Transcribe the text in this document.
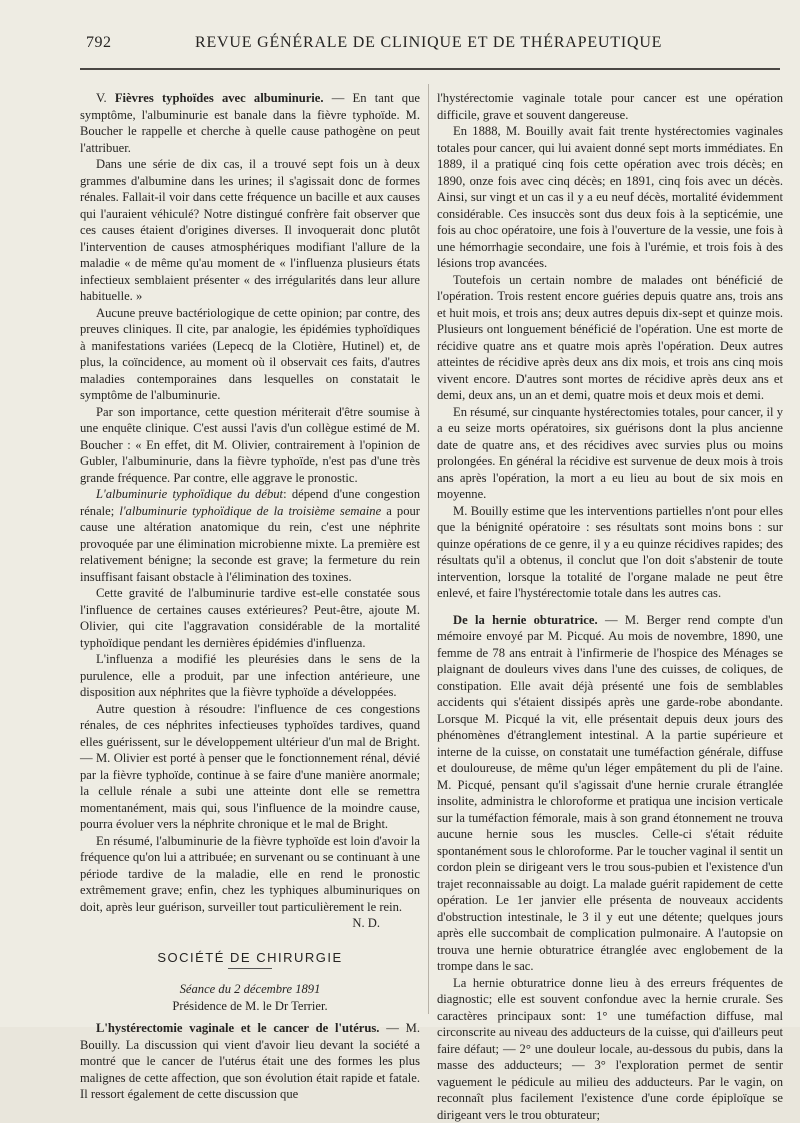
792	REVUE GÉNÉRALE DE CLINIQUE ET DE THÉRAPEUTIQUE

V. Fièvres typhoïdes avec albuminurie. — En tant que symptôme, l'albuminurie est banale dans la fièvre typhoïde. M. Boucher le rappelle et cherche à quelle cause pathogène on peut l'attribuer.

Dans une série de dix cas, il a trouvé sept fois un à deux grammes d'albumine dans les urines; il s'agissait donc de formes rénales. Fallait-il voir dans cette fréquence un bacille et aux causes qui l'auraient véhiculé? Notre distingué confrère fait observer que ces causes étaient d'origines diverses. Il invoquerait donc plutôt l'intervention de causes atmosphériques modifiant l'allure de la maladie « de même qu'au moment de « l'influenza plusieurs états infectieux semblaient présenter « des irrégularités dans leur allure habituelle. »

Aucune preuve bactériologique de cette opinion; par contre, des preuves cliniques. Il cite, par analogie, les épidémies typhoïdiques à manifestations variées (Lepecq de la Clotière, Hutinel) et, de plus, la coïncidence, au moment où il observait ces faits, d'autres maladies contemporaines dans lesquelles on constatait le symptôme de l'albuminurie.

Par son importance, cette question mériterait d'être soumise à une enquête clinique. C'est aussi l'avis d'un collègue estimé de M. Boucher : « En effet, dit M. Olivier, contrairement à l'opinion de Gubler, l'albuminurie, dans la fièvre typhoïde, n'est pas d'une très grande fréquence. Par contre, elle aggrave le pronostic.

L'albuminurie typhoïdique du début: dépend d'une congestion rénale; l'albuminurie typhoïdique de la troisième semaine a pour cause une altération anatomique du rein, c'est une néphrite provoquée par une élimination microbienne mixte. La première est relativement bénigne; la seconde est grave; la fermeture du rein insuffisant faisant obstacle à l'élimination des toxines.

Cette gravité de l'albuminurie tardive est-elle constatée sous l'influence de certaines causes extérieures? Peut-être, ajoute M. Olivier, qui cite l'aggravation considérable de la mortalité typhoïdique pendant les dernières épidémies d'influenza.

L'influenza a modifié les pleurésies dans le sens de la purulence, elle a produit, par une infection antérieure, une disposition aux néphrites que la fièvre typhoïde a développées.

Autre question à résoudre: l'influence de ces congestions rénales, de ces néphrites infectieuses typhoïdes tardives, quand elles guérissent, sur le développement ultérieur d'un mal de Bright. — M. Olivier est porté à penser que le fonctionnement rénal, dévié par la fièvre typhoïde, continue à se faire d'une manière anormale; la cellule rénale a subi une atteinte dont elle se remettra momentanément, mais qui, sous l'influence de la moindre cause, pourra évoluer vers la néphrite chronique et le mal de Bright.

En résumé, l'albuminurie de la fièvre typhoïde est loin d'avoir la fréquence qu'on lui a attribuée; en survenant ou se continuant à une période tardive de la maladie, elle en rend le pronostic extrêmement grave; enfin, chez les typhiques albuminuriques on doit, après leur guérison, surveiller tout particulièrement le rein.

N. D.

SOCIÉTÉ DE CHIRURGIE

Séance du 2 décembre 1891

Présidence de M. le Dr Terrier.

L'hystérectomie vaginale et le cancer de l'utérus. — M. Bouilly. La discussion qui vient d'avoir lieu devant la société a montré que le cancer de l'utérus était une des formes les plus malignes de cette affection, que son évolution était rapide et fatale. Il ressort également de cette discussion que

l'hystérectomie vaginale totale pour cancer est une opération difficile, grave et souvent dangereuse.

En 1888, M. Bouilly avait fait trente hystérectomies vaginales totales pour cancer, qui lui avaient donné sept morts immédiates. En 1889, il a pratiqué cinq fois cette opération avec trois décès; en 1890, onze fois avec cinq décès; en 1891, cinq fois avec un décès. Ainsi, sur vingt et un cas il y a eu neuf décès, mortalité évidemment considérable. Ces insuccès sont dus deux fois à la septicémie, une fois au choc opératoire, une fois à l'ouverture de la vessie, une fois à une hémorrhagie secondaire, une fois à l'urémie, et trois fois à des lésions trop avancées.

Toutefois un certain nombre de malades ont bénéficié de l'opération. Trois restent encore guéries depuis quatre ans, trois ans et huit mois, et trois ans; deux autres depuis dix-sept et quinze mois. Plusieurs ont longuement bénéficié de l'opération. Une est morte de récidive quatre ans et quatre mois après l'opération. Deux autres atteintes de récidive après deux ans dix mois, et trois ans cinq mois vivent encore. D'autres sont mortes de récidive après deux ans et demi, deux ans, un an et demi, quatre mois et deux mois et demi.

En résumé, sur cinquante hystérectomies totales, pour cancer, il y a eu seize morts opératoires, six guérisons dont la plus ancienne date de quatre ans, et des récidives avec survies plus ou moins prolongées. En général la récidive est survenue de deux mois à trois ans après l'opération, la mort a eu lieu au bout de six mois en moyenne.

M. Bouilly estime que les interventions partielles n'ont pour elles que la bénignité opératoire : ses résultats sont moins bons : sur quinze opérations de ce genre, il y a eu quinze récidives rapides; des résultats qu'il a obtenus, il conclut que l'on doit s'abstenir de toute intervention, lorsque la totalité de l'organe malade ne peut être enlevé, et faire l'hystérectomie totale dans les autres cas.

De la hernie obturatrice. — M. Berger rend compte d'un mémoire envoyé par M. Picqué. Au mois de novembre, 1890, une femme de 78 ans entrait à l'infirmerie de l'hospice des Ménages se plaignant de douleurs vives dans l'une des cuisses, de coliques, de constipation. Elle avait déjà présenté une fois de semblables accidents qui s'étaient dissipés après une garde-robe abondante. Lorsque M. Picqué la vit, elle présentait depuis deux jours des phénomènes d'étranglement intestinal. A la partie supérieure et interne de la cuisse, on constatait une tuméfaction générale, diffuse et douloureuse, de même qu'un léger empâtement du pli de l'aine. M. Picqué, pensant qu'il s'agissait d'une hernie crurale étranglée insolite, administra le chloroforme et pratiqua une incision verticale sur la tuméfaction fémorale, mais à son grand étonnement ne trouva aucune hernie sous les muscles. Celle-ci s'était réduite spontanément sous le chloroforme. Par le toucher vaginal il sentit un cordon plein se dirigeant vers le trou sous-pubien et l'existence d'un trajet reconnaissable au doigt. La malade guérit rapidement de cette opération. Le 1er janvier elle présenta de nouveaux accidents d'obstruction intestinale, le 3 il y eut une détente; quelques jours après elle succombait de complication pulmonaire. A l'autopsie on trouva une hernie obturatrice étranglée avec englobement de la trompe dans le sac.

La hernie obturatrice donne lieu à des erreurs fréquentes de diagnostic; elle est souvent confondue avec la hernie crurale. Ses caractères principaux sont: 1° une tuméfaction diffuse, mal circonscrite au niveau des adducteurs de la cuisse, qui d'ailleurs peut faire défaut; — 2° une douleur locale, au-dessous du pubis, dans la masse des adducteurs; — 3° l'exploration permet de sentir vaguement le pédicule au milieu des adducteurs. Par le vagin, on reconnaît plus facilement l'existence d'une corde épiploïque se dirigeant vers le trou obturateur;
